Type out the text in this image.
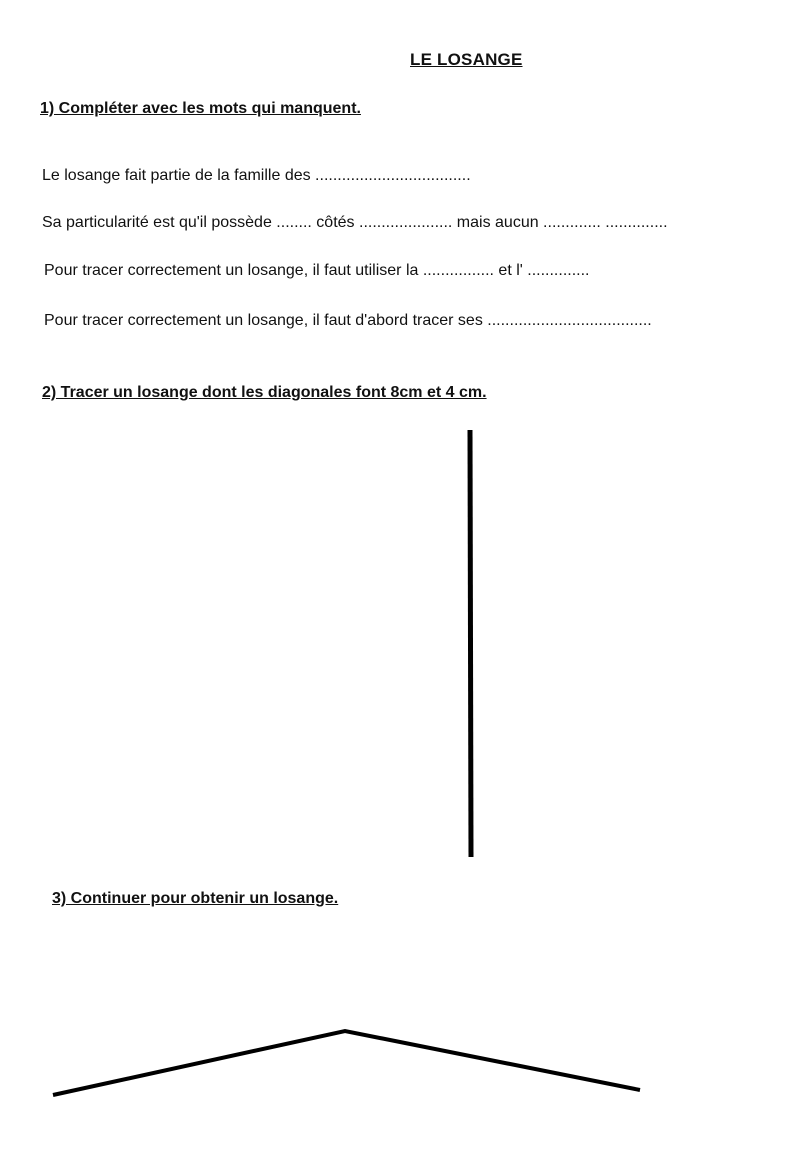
LE LOSANGE
1) Compléter avec les mots qui manquent.
Le losange fait partie de la famille des ...................................
Sa particularité est qu'il possède ........ côtés ..................... mais aucun ............. ..............
Pour tracer correctement un losange, il faut utiliser la ................ et l' ..............
Pour tracer correctement un losange, il faut d'abord tracer ses .....................................
2) Tracer un losange dont les diagonales font 8cm et 4 cm.
3) Continuer pour obtenir un losange.
